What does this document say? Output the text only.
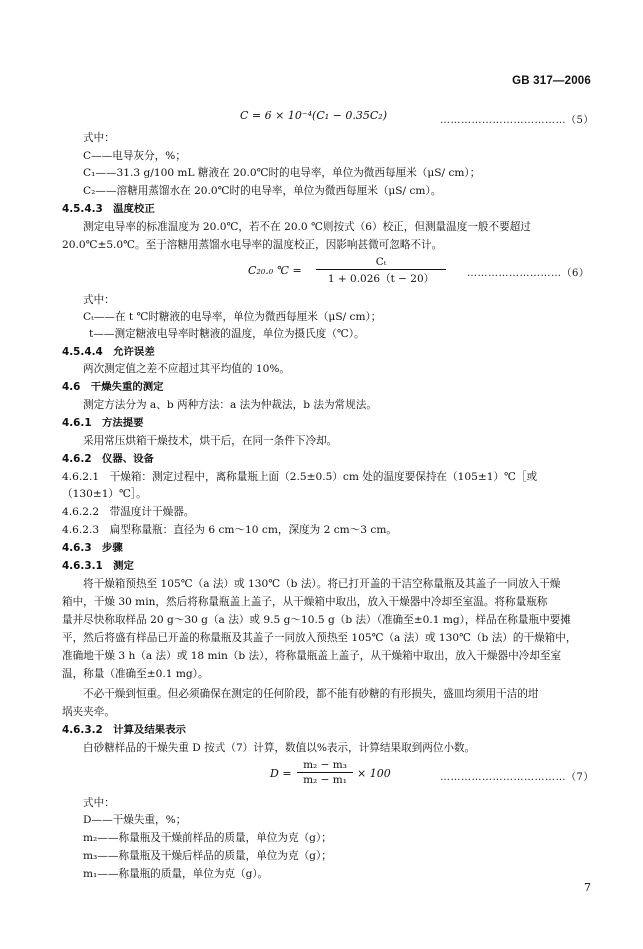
GB 317—2006
C = 6 × 10⁻⁴(C₁ − 0.35C₂)	………………………………（5）
式中：
C——电导灰分，%；
C₁——31.3 g/100 mL 糖液在 20.0℃时的电导率，单位为微西每厘米（μS/ cm）；
C₂——溶糖用蒸馏水在 20.0℃时的电导率，单位为微西每厘米（μS/ cm）。
4.5.4.3　温度校正
测定电导率的标准温度为 20.0℃，若不在 20.0 ℃则按式（6）校正，但测量温度一般不要超过
20.0℃±5.0℃。至于溶糖用蒸馏水电导率的温度校正，因影响甚微可忽略不计。
C₂₀.₀ ℃ = $\frac{\text{Cₜ}}{1 + 0.026(t - 20)}$ ………………………（6）
式中：
Cₜ——在 t ℃时糖液的电导率，单位为微西每厘米（μS/ cm）；
t——测定糖液电导率时糖液的温度，单位为摄氏度（℃）。
4.5.4.4　允许误差
两次测定值之差不应超过其平均值的 10%。
4.6　干燥失重的测定
测定方法分为 a、b 两种方法：a 法为仲裁法，b 法为常规法。
4.6.1　方法提要
采用常压烘箱干燥技术，烘干后，在同一条件下冷却。
4.6.2　仪器、设备
4.6.2.1　干燥箱：测定过程中，离称量瓶上面（2.5±0.5）cm 处的温度要保持在（105±1）℃［或
（130±1）℃］。
4.6.2.2　带温度计干燥器。
4.6.2.3　扁型称量瓶：直径为 6 cm～10 cm，深度为 2 cm～3 cm。
4.6.3　步骤
4.6.3.1　测定
将干燥箱预热至 105℃（a 法）或 130℃（b 法）。将已打开盖的干洁空称量瓶及其盖子一同放入干燥
箱中，干燥 30 min，然后将称量瓶盖上盖子，从干燥箱中取出，放入干燥器中冷却至室温。将称量瓶称
量并尽快称取样品 20 g～30 g（a 法）或 9.5 g～10.5 g（b 法）（准确至±0.1 mg），样品在称量瓶中要摊
平，然后将盛有样品已开盖的称量瓶及其盖子一同放入预热至 105℃（a 法）或 130℃（b 法）的干燥箱中，
准确地干燥 3 h（a 法）或 18 min（b 法），将称量瓶盖上盖子，从干燥箱中取出，放入干燥器中冷却至室
温，称量（准确至±0.1 mg）。
不必干燥到恒重。但必须确保在测定的任何阶段，都不能有砂糖的有形损失，盛皿均须用干洁的坩
埚夹夹牵。
4.6.3.2　计算及结果表示
白砂糖样品的干燥失重 D 按式（7）计算，数值以%表示，计算结果取到两位小数。
$D = \frac{\text{m₂ − m₃}}{\text{m₂ − m₁}} \times 100$	………………………………（7）
式中：
D——干燥失重，%；
m₂——称量瓶及干燥前样品的质量，单位为克（g）；
m₃——称量瓶及干燥后样品的质量，单位为克（g）；
m₁——称量瓶的质量，单位为克（g）。
7
